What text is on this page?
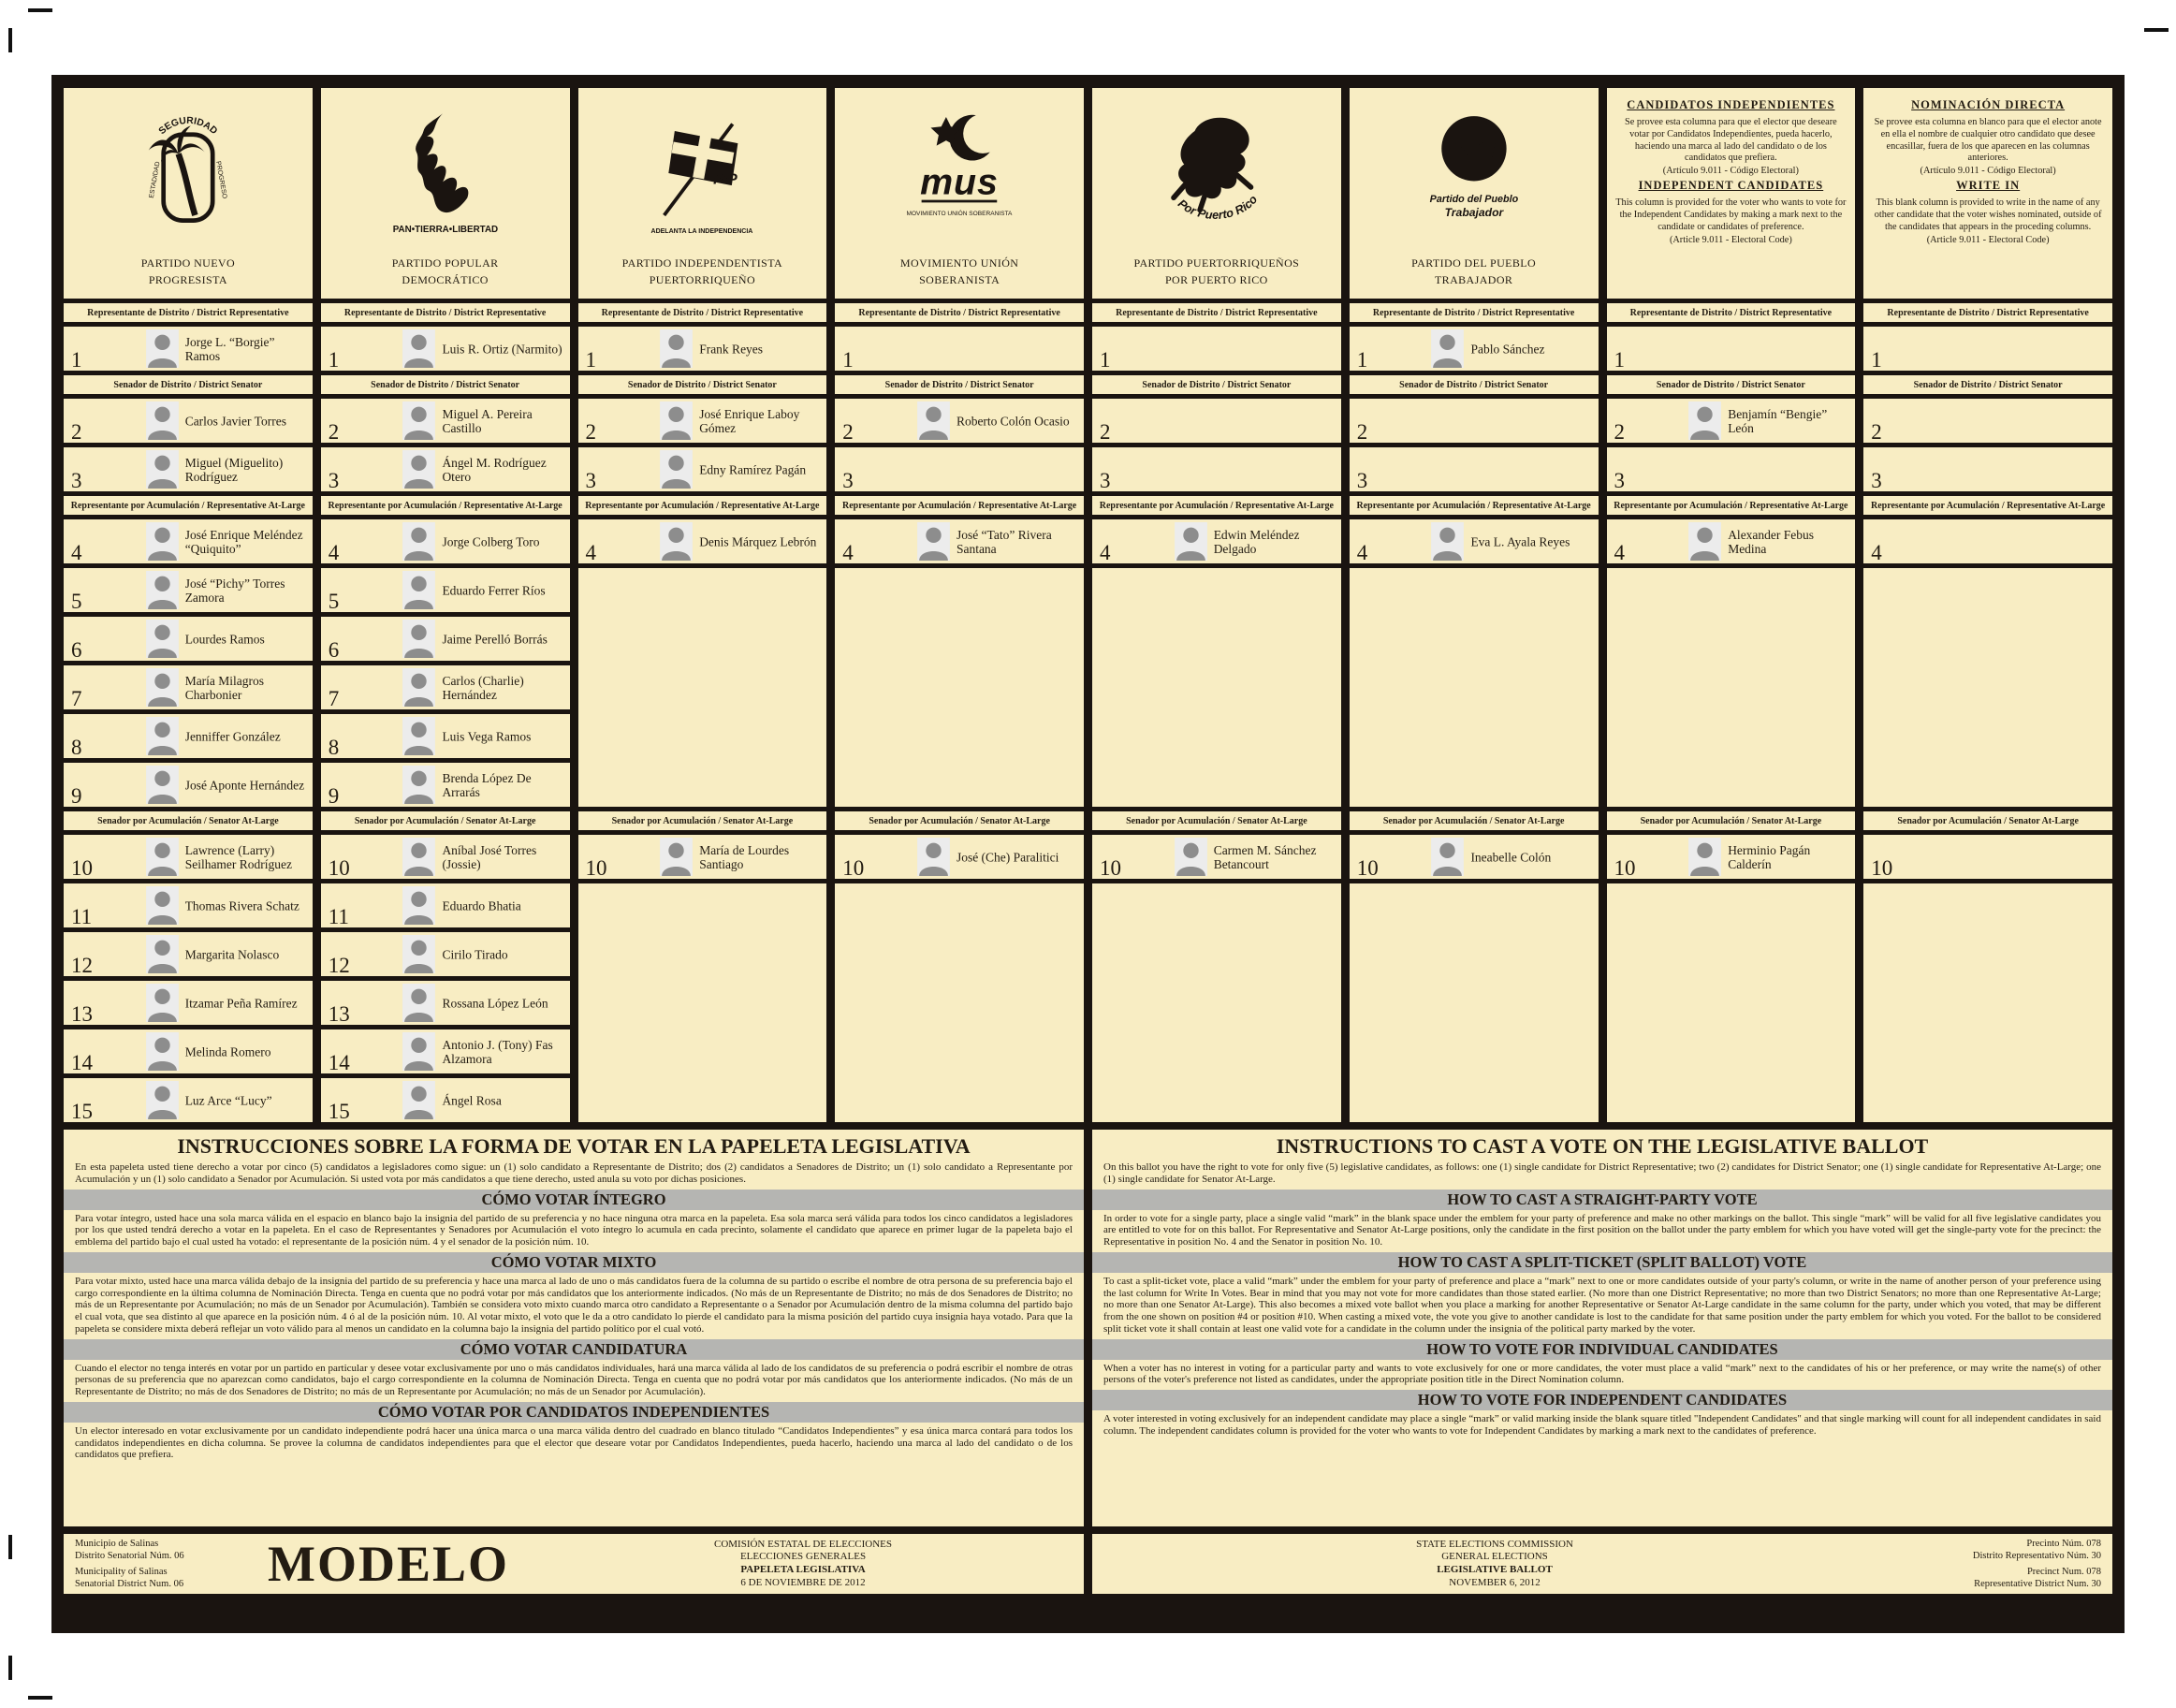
SEGURIDAD
ESTADIDAD	PROGRESO
PARTIDO NUEVO
PROGRESISTA
Representante de Distrito / District Representative
1
Jorge L. “Borgie” Ramos
Senador de Distrito / District Senator
2	Carlos Javier Torres
3
Miguel (Miguelito) Rodríguez
Representante por Acumulación / Representative At-Large
4
José Enrique Meléndez “Quiquito”
5
José “Pichy” Torres Zamora
6	Lourdes Ramos
7
María Milagros Charbonier
8	Jenniffer González
9	José Aponte Hernández
Senador por Acumulación / Senator At-Large
10
Lawrence (Larry) Seilhamer Rodríguez
11	Thomas Rivera Schatz
12	Margarita Nolasco
13	Itzamar Peña Ramírez
14	Melinda Romero
15	Luz Arce “Lucy”
PAN•TIERRA•LIBERTAD
PARTIDO POPULAR
DEMOCRÁTICO
Representante de Distrito / District Representative
1	Luis R. Ortiz (Narmito)
Senador de Distrito / District Senator
2
Miguel A. Pereira Castillo
3
Ángel M. Rodríguez Otero
Representante por Acumulación / Representative At-Large
4	Jorge Colberg Toro
5	Eduardo Ferrer Ríos
6	Jaime Perelló Borrás
7
Carlos (Charlie) Hernández
8	Luis Vega Ramos
9
Brenda López De Arrarás
Senador por Acumulación / Senator At-Large
10
Aníbal José Torres (Jossie)
11	Eduardo Bhatia
12	Cirilo Tirado
13	Rossana López León
14
Antonio J. (Tony) Fas Alzamora
15	Ángel Rosa
PIP
ADELANTA LA INDEPENDENCIA
PARTIDO INDEPENDENTISTA
PUERTORRIQUEÑO
Representante de Distrito / District Representative
1	Frank Reyes
Senador de Distrito / District Senator
2
José Enrique Laboy Gómez
3	Edny Ramírez Pagán
Representante por Acumulación / Representative At-Large
4	Denis Márquez Lebrón
Senador por Acumulación / Senator At-Large
10
María de Lourdes Santiago
mus
MOVIMIENTO UNIÓN SOBERANISTA
MOVIMIENTO UNIÓN
SOBERANISTA
Representante de Distrito / District Representative
1
Senador de Distrito / District Senator
2	Roberto Colón Ocasio
3
Representante por Acumulación / Representative At-Large
4
José “Tato” Rivera Santana
Senador por Acumulación / Senator At-Large
10	José (Che) Paralitici
Por Puerto Rico
PARTIDO PUERTORRIQUEÑOS
POR PUERTO RICO
Representante de Distrito / District Representative
1
Senador de Distrito / District Senator
2
3
Representante por Acumulación / Representative At-Large
4
Edwin Meléndez Delgado
Senador por Acumulación / Senator At-Large
10
Carmen M. Sánchez Betancourt
PPT
Partido del Pueblo
Trabajador
PARTIDO DEL PUEBLO
TRABAJADOR
Representante de Distrito / District Representative
1	Pablo Sánchez
Senador de Distrito / District Senator
2
3
Representante por Acumulación / Representative At-Large
4	Eva L. Ayala Reyes
Senador por Acumulación / Senator At-Large
10	Ineabelle Colón
CANDIDATOS INDEPENDIENTES
Se provee esta columna para que el elector que deseare votar por Candidatos Independientes, pueda hacerlo, haciendo una marca al lado del candidato o de los candidatos que prefiera.
(Artículo 9.011 - Código Electoral)
INDEPENDENT CANDIDATES
This column is provided for the voter who wants to vote for the Independent Candidates by making a mark next to the candidate or candidates of preference.
(Article 9.011 - Electoral Code)
Representante de Distrito / District Representative
1
Senador de Distrito / District Senator
2
Benjamín “Bengie” León
3
Representante por Acumulación / Representative At-Large
4
Alexander Febus Medina
Senador por Acumulación / Senator At-Large
10
Herminio Pagán Calderín
NOMINACIÓN DIRECTA
Se provee esta columna en blanco para que el elector anote en ella el nombre de cualquier otro candidato que desee encasillar, fuera de los que aparecen en las columnas anteriores.
(Artículo 9.011 - Código Electoral)
WRITE IN
This blank column is provided to write in the name of any other candidate that the voter wishes nominated, outside of the candidates that appears in the proceding columns.
(Article 9.011 - Electoral Code)
Representante de Distrito / District Representative
1
Senador de Distrito / District Senator
2
3
Representante por Acumulación / Representative At-Large
4
Senador por Acumulación / Senator At-Large
10
INSTRUCCIONES SOBRE LA FORMA DE VOTAR EN LA PAPELETA LEGISLATIVA

En esta papeleta usted tiene derecho a votar por cinco (5) candidatos a legisladores como sigue: un (1) solo candidato a Representante de Distrito; dos (2) candidatos a Senadores de Distrito; un (1) solo candidato a Representante por Acumulación y un (1) solo candidato a Senador por Acumulación. Si usted vota por más candidatos a que tiene derecho, usted anula su voto por dichas posiciones.

CÓMO VOTAR ÍNTEGRO

Para votar íntegro, usted hace una sola marca válida en el espacio en blanco bajo la insignia del partido de su preferencia y no hace ninguna otra marca en la papeleta. Esa sola marca será válida para todos los cinco candidatos a legisladores por los que usted tendrá derecho a votar en la papeleta. En el caso de Representantes y Senadores por Acumulación el voto íntegro lo acumula en cada precinto, solamente el candidato que aparece en primer lugar de la papeleta bajo el emblema del partido bajo el cual usted ha votado: el representante de la posición núm. 4 y el senador de la posición núm. 10.

CÓMO VOTAR MIXTO

Para votar mixto, usted hace una marca válida debajo de la insignia del partido de su preferencia y hace una marca al lado de uno o más candidatos fuera de la columna de su partido o escribe el nombre de otra persona de su preferencia bajo el cargo correspondiente en la última columna de Nominación Directa. Tenga en cuenta que no podrá votar por más candidatos que los anteriormente indicados. (No más de un Representante de Distrito; no más de dos Senadores de Distrito; no más de un Representante por Acumulación; no más de un Senador por Acumulación). También se considera voto mixto cuando marca otro candidato a Representante o a Senador por Acumulación dentro de la misma columna del partido bajo el cual vota, que sea distinto al que aparece en la posición núm. 4 ó al de la posición núm. 10. Al votar mixto, el voto que le da a otro candidato lo pierde el candidato para la misma posición del partido cuya insignia haya votado. Para que la papeleta se considere mixta deberá reflejar un voto válido para al menos un candidato en la columna bajo la insignia del partido político por el cual votó.

CÓMO VOTAR CANDIDATURA

Cuando el elector no tenga interés en votar por un partido en particular y desee votar exclusivamente por uno o más candidatos individuales, hará una marca válida al lado de los candidatos de su preferencia o podrá escribir el nombre de otras personas de su preferencia que no aparezcan como candidatos, bajo el cargo correspondiente en la columna de Nominación Directa. Tenga en cuenta que no podrá votar por más candidatos que los anteriormente indicados. (No más de un Representante de Distrito; no más de dos Senadores de Distrito; no más de un Representante por Acumulación; no más de un Senador por Acumulación).

CÓMO VOTAR POR CANDIDATOS INDEPENDIENTES

Un elector interesado en votar exclusivamente por un candidato independiente podrá hacer una única marca o una marca válida dentro del cuadrado en blanco titulado “Candidatos Independientes” y esa única marca contará para todos los candidatos independientes en dicha columna. Se provee la columna de candidatos independientes para que el elector que deseare votar por Candidatos Independientes, pueda hacerlo, haciendo una marca al lado del candidato o de los candidatos que prefiera.

INSTRUCTIONS TO CAST A VOTE ON THE LEGISLATIVE BALLOT

On this ballot you have the right to vote for only five (5) legislative candidates, as follows: one (1) single candidate for District Representative; two (2) candidates for District Senator; one (1) single candidate for Representative At-Large; one (1) single candidate for Senator At-Large.

HOW TO CAST A STRAIGHT-PARTY VOTE

In order to vote for a single party, place a single valid “mark” in the blank space under the emblem for your party of preference and make no other markings on the ballot. This single “mark” will be valid for all five legislative candidates you are entitled to vote for on this ballot. For Representative and Senator At-Large positions, only the candidate in the first position on the ballot under the party emblem for which you have voted will get the single-party vote for the precinct: the Representative in position No. 4 and the Senator in position No. 10.

HOW TO CAST A SPLIT-TICKET (SPLIT BALLOT) VOTE

To cast a split-ticket vote, place a valid “mark” under the emblem for your party of preference and place a “mark” next to one or more candidates outside of your party's column, or write in the name of another person of your preference using the last column for Write In Votes. Bear in mind that you may not vote for more candidates than those stated earlier. (No more than one District Representative; no more than two District Senators; no more than one Representative At-Large; no more than one Senator At-Large). This also becomes a mixed vote ballot when you place a marking for another Representative or Senator At-Large candidate in the same column for the party, under which you voted, that may be different from the one shown on position #4 or position #10. When casting a mixed vote, the vote you give to another candidate is lost to the candidate for that same position under the party emblem for which you voted. For the ballot to be considered split ticket vote it shall contain at least one valid vote for a candidate in the column under the insignia of the political party marked by the voter.

HOW TO VOTE FOR INDIVIDUAL CANDIDATES

When a voter has no interest in voting for a particular party and wants to vote exclusively for one or more candidates, the voter must place a valid “mark” next to the candidates of his or her preference, or may write the name(s) of other persons of the voter's preference not listed as candidates, under the appropriate position title in the Direct Nomination column.

HOW TO VOTE FOR INDEPENDENT CANDIDATES

A voter interested in voting exclusively for an independent candidate may place a single “mark” or valid marking inside the blank square titled "Independent Candidates" and that single marking will count for all independent candidates in said column. The independent candidates column is provided for the voter who wants to vote for Independent Candidates by marking a mark next to the candidates of preference.

Municipio de Salinas
Distrito Senatorial Núm. 06
Municipality of Salinas
Senatorial District Num. 06	MODELO	COMISIÓN ESTATAL DE ELECCIONES
ELECCIONES GENERALES
PAPELETA LEGISLATIVA
6 DE NOVIEMBRE DE 2012
STATE ELECTIONS COMMISSION
GENERAL ELECTIONS
LEGISLATIVE BALLOT
NOVEMBER 6, 2012
Precinto Núm. 078
Distrito Representativo Núm. 30
Precinct Num. 078
Representative District Num. 30
